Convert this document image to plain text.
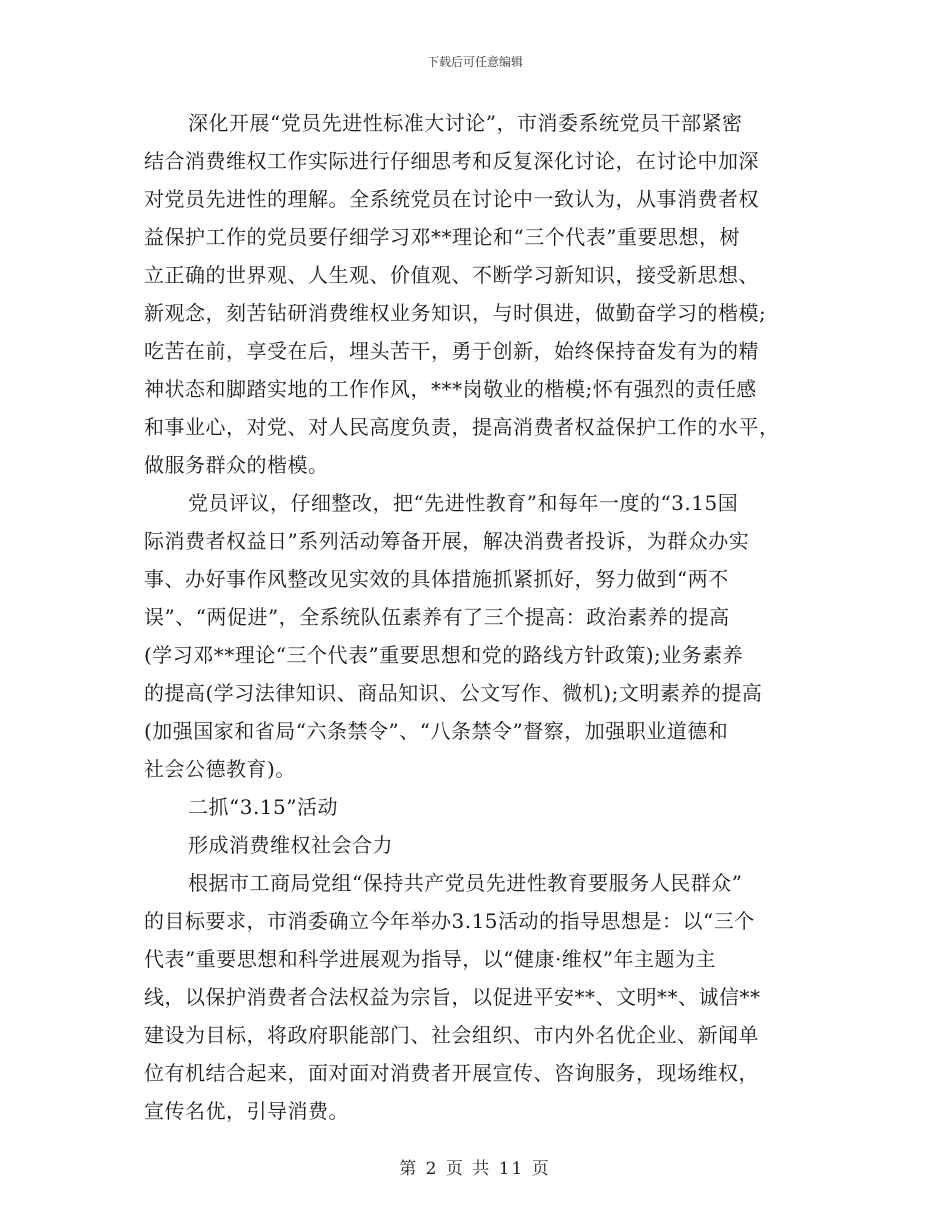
下载后可任意编辑
深化开展“党员先进性标准大讨论”，市消委系统党员干部紧密
结合消费维权工作实际进行仔细思考和反复深化讨论，在讨论中加深
对党员先进性的理解。全系统党员在讨论中一致认为，从事消费者权
益保护工作的党员要仔细学习邓**理论和“三个代表”重要思想，树
立正确的世界观、人生观、价值观、不断学习新知识，接受新思想、
新观念，刻苦钻研消费维权业务知识，与时俱进，做勤奋学习的楷模;
吃苦在前，享受在后，埋头苦干，勇于创新，始终保持奋发有为的精
神状态和脚踏实地的工作作风，***岗敬业的楷模;怀有强烈的责任感
和事业心，对党、对人民高度负责，提高消费者权益保护工作的水平，
做服务群众的楷模。
党员评议，仔细整改，把“先进性教育”和每年一度的“3.15国
际消费者权益日”系列活动筹备开展，解决消费者投诉，为群众办实
事、办好事作风整改见实效的具体措施抓紧抓好，努力做到“两不
误”、“两促进”，全系统队伍素养有了三个提高：政治素养的提高
(学习邓**理论“三个代表”重要思想和党的路线方针政策);业务素养
的提高(学习法律知识、商品知识、公文写作、微机);文明素养的提高
(加强国家和省局“六条禁令”、“八条禁令”督察，加强职业道德和
社会公德教育)。
二抓“3.15”活动
形成消费维权社会合力
根据市工商局党组“保持共产党员先进性教育要服务人民群众”
的目标要求，市消委确立今年举办3.15活动的指导思想是：以“三个
代表”重要思想和科学进展观为指导，以“健康·维权”年主题为主
线，以保护消费者合法权益为宗旨，以促进平安**、文明**、诚信**
建设为目标，将政府职能部门、社会组织、市内外名优企业、新闻单
位有机结合起来，面对面对消费者开展宣传、咨询服务，现场维权，
宣传名优，引导消费。
第 2 页 共 11 页
